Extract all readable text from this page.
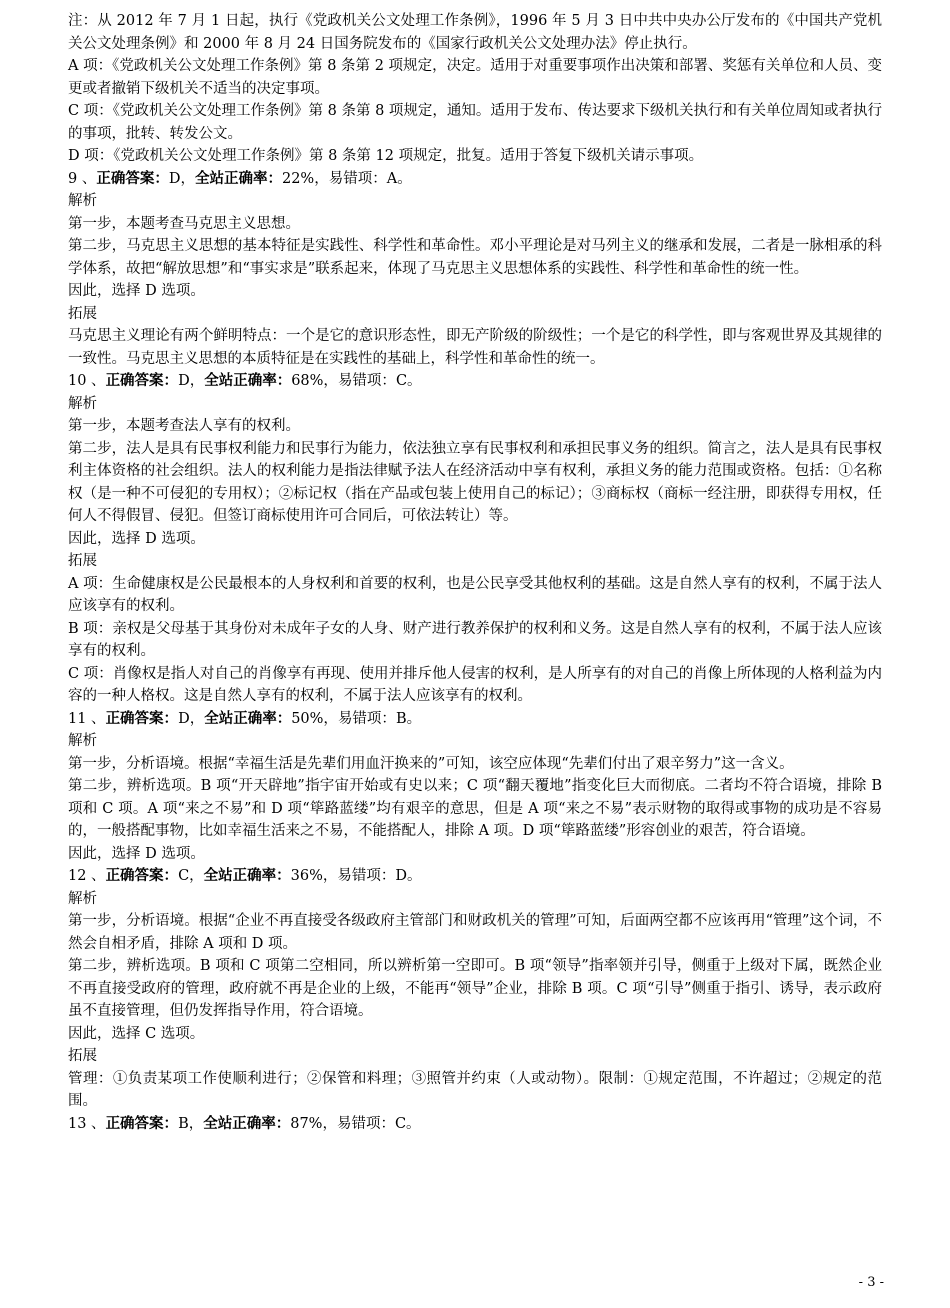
注：从 2012 年 7 月 1 日起，执行《党政机关公文处理工作条例》，1996 年 5 月 3 日中共中央办公厅发布的《中国共产党机关公文处理条例》和 2000 年 8 月 24 日国务院发布的《国家行政机关公文处理办法》停止执行。

A 项：《党政机关公文处理工作条例》第 8 条第 2 项规定，决定。适用于对重要事项作出决策和部署、奖惩有关单位和人员、变更或者撤销下级机关不适当的决定事项。

C 项：《党政机关公文处理工作条例》第 8 条第 8 项规定，通知。适用于发布、传达要求下级机关执行和有关单位周知或者执行的事项，批转、转发公文。

D 项：《党政机关公文处理工作条例》第 8 条第 12 项规定，批复。适用于答复下级机关请示事项。

9 、正确答案：D，全站正确率：22%，易错项：A。

解析

第一步，本题考查马克思主义思想。

第二步，马克思主义思想的基本特征是实践性、科学性和革命性。邓小平理论是对马列主义的继承和发展，二者是一脉相承的科学体系，故把“解放思想”和“事实求是”联系起来，体现了马克思主义思想体系的实践性、科学性和革命性的统一性。

因此，选择 D 选项。

拓展

马克思主义理论有两个鲜明特点：一个是它的意识形态性，即无产阶级的阶级性；一个是它的科学性，即与客观世界及其规律的一致性。马克思主义思想的本质特征是在实践性的基础上，科学性和革命性的统一。

10 、正确答案：D，全站正确率：68%，易错项：C。

解析

第一步，本题考查法人享有的权利。

第二步，法人是具有民事权利能力和民事行为能力，依法独立享有民事权利和承担民事义务的组织。简言之，法人是具有民事权利主体资格的社会组织。法人的权利能力是指法律赋予法人在经济活动中享有权利，承担义务的能力范围或资格。包括：①名称权（是一种不可侵犯的专用权）；②标记权（指在产品或包装上使用自己的标记）；③商标权（商标一经注册，即获得专用权，任何人不得假冒、侵犯。但签订商标使用许可合同后，可依法转让）等。

因此，选择 D 选项。

拓展

A 项：生命健康权是公民最根本的人身权利和首要的权利，也是公民享受其他权利的基础。这是自然人享有的权利，不属于法人应该享有的权利。

B 项：亲权是父母基于其身份对未成年子女的人身、财产进行教养保护的权利和义务。这是自然人享有的权利，不属于法人应该享有的权利。

C 项：肖像权是指人对自己的肖像享有再现、使用并排斥他人侵害的权利，是人所享有的对自己的肖像上所体现的人格利益为内容的一种人格权。这是自然人享有的权利，不属于法人应该享有的权利。

11 、正确答案：D，全站正确率：50%，易错项：B。

解析

第一步，分析语境。根据“幸福生活是先辈们用血汗换来的”可知，该空应体现“先辈们付出了艰辛努力”这一含义。

第二步，辨析选项。B 项“开天辟地”指宇宙开始或有史以来；C 项“翻天覆地”指变化巨大而彻底。二者均不符合语境，排除 B 项和 C 项。A 项“来之不易”和 D 项“筚路蓝缕”均有艰辛的意思，但是 A 项“来之不易”表示财物的取得或事物的成功是不容易的，一般搭配事物，比如幸福生活来之不易，不能搭配人，排除 A 项。D 项“筚路蓝缕”形容创业的艰苦，符合语境。

因此，选择 D 选项。

12 、正确答案：C，全站正确率：36%，易错项：D。

解析

第一步，分析语境。根据“企业不再直接受各级政府主管部门和财政机关的管理”可知，后面两空都不应该再用“管理”这个词，不然会自相矛盾，排除 A 项和 D 项。

第二步，辨析选项。B 项和 C 项第二空相同，所以辨析第一空即可。B 项“领导”指率领并引导，侧重于上级对下属，既然企业不再直接受政府的管理，政府就不再是企业的上级，不能再“领导”企业，排除 B 项。C 项“引导”侧重于指引、诱导，表示政府虽不直接管理，但仍发挥指导作用，符合语境。

因此，选择 C 选项。

拓展

管理：①负责某项工作使顺利进行；②保管和料理；③照管并约束（人或动物）。限制：①规定范围，不许超过；②规定的范围。

13 、正确答案：B，全站正确率：87%，易错项：C。

- 3 -
